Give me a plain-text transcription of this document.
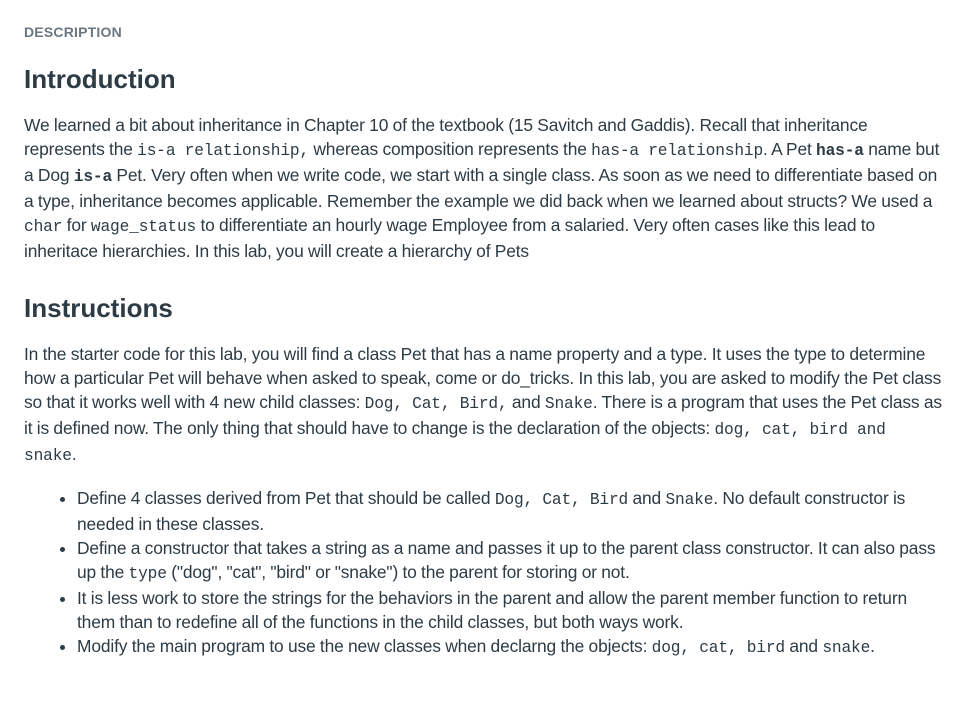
DESCRIPTION
Introduction

We learned a bit about inheritance in Chapter 10 of the textbook (15 Savitch and Gaddis). Recall that inheritance represents the is-a relationship, whereas composition represents the has-a relationship. A Pet has-a name but a Dog is-a Pet. Very often when we write code, we start with a single class. As soon as we need to differentiate based on a type, inheritance becomes applicable. Remember the example we did back when we learned about structs? We used a char for wage_status to differentiate an hourly wage Employee from a salaried. Very often cases like this lead to inheritace hierarchies. In this lab, you will create a hierarchy of Pets

Instructions

In the starter code for this lab, you will find a class Pet that has a name property and a type. It uses the type to determine how a particular Pet will behave when asked to speak, come or do_tricks. In this lab, you are asked to modify the Pet class so that it works well with 4 new child classes: Dog, Cat, Bird, and Snake. There is a program that uses the Pet class as it is defined now. The only thing that should have to change is the declaration of the objects: dog, cat, bird and snake.

• Define 4 classes derived from Pet that should be called Dog, Cat, Bird and Snake. No default constructor is needed in these classes.
• Define a constructor that takes a string as a name and passes it up to the parent class constructor. It can also pass up the type ("dog", "cat", "bird" or "snake") to the parent for storing or not.
• It is less work to store the strings for the behaviors in the parent and allow the parent member function to return them than to redefine all of the functions in the child classes, but both ways work.
• Modify the main program to use the new classes when declarng the objects: dog, cat, bird and snake.
